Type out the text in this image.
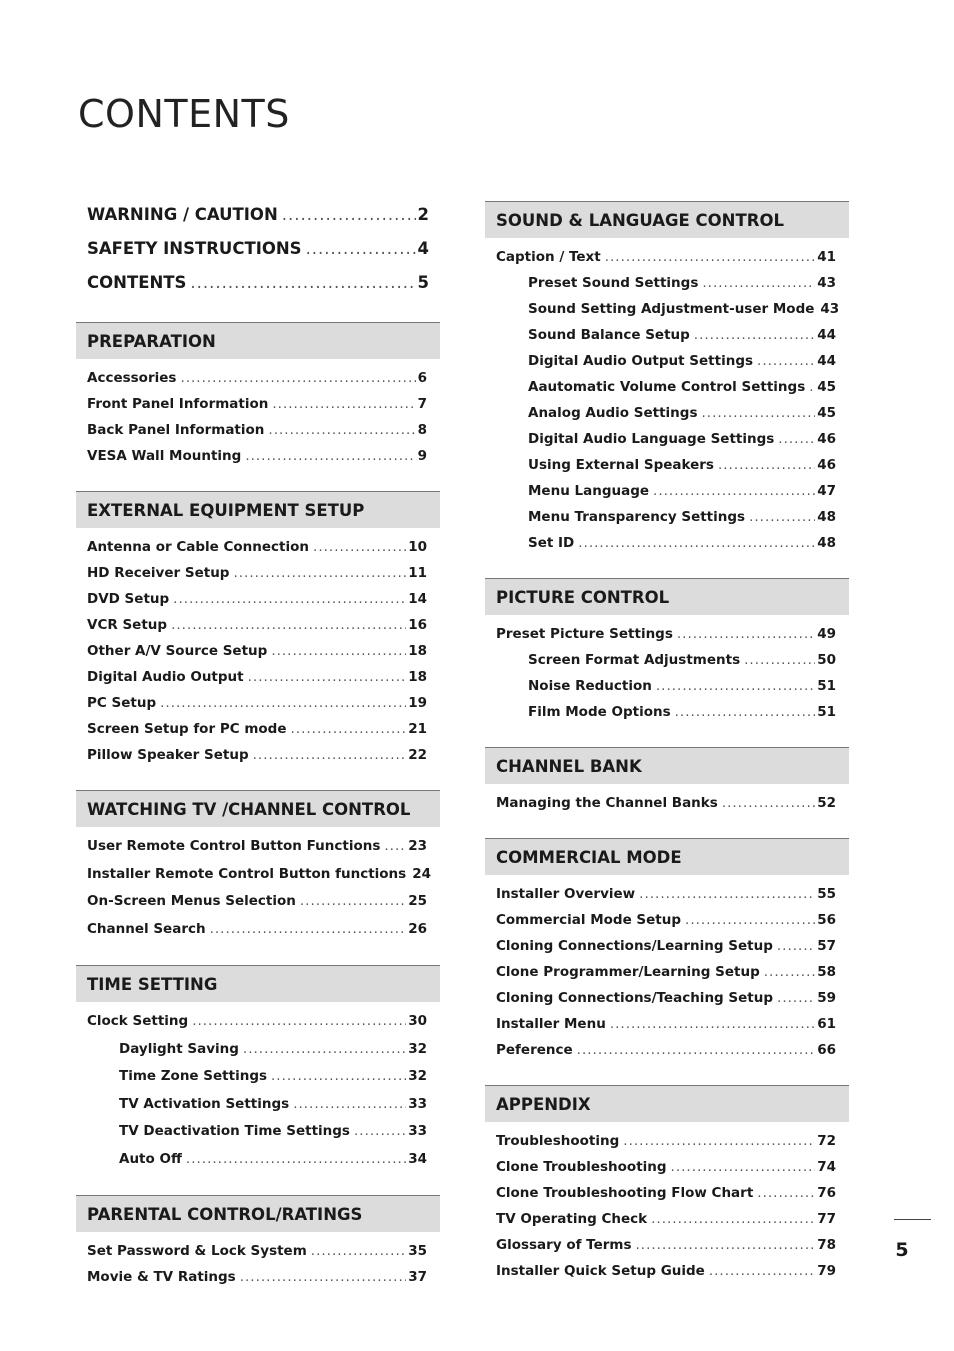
CONTENTS
WARNING / CAUTION .....	2
SAFETY INSTRUCTIONS .....	4
CONTENTS .....	5
PREPARATION
Accessories .....	6
Front Panel Information .....	7
Back Panel Information .....	8
VESA Wall Mounting .....	9
EXTERNAL EQUIPMENT SETUP
Antenna or Cable Connection .....	10
HD Receiver Setup .....	11
DVD Setup .....	14
VCR Setup .....	16
Other A/V Source Setup .....	18
Digital Audio Output .....	18
PC Setup .....	19
Screen Setup for PC mode .....	21
Pillow Speaker Setup .....	22
WATCHING TV /CHANNEL CONTROL
User Remote Control Button Functions ..... 23
Installer Remote Control Button functions 24
On-Screen Menus Selection .....	25
Channel Search .....	26
TIME SETTING
Clock Setting .....	30
Daylight Saving .....	32
Time Zone Settings .....	32
TV Activation Settings .....	33
TV Deactivation Time Settings .....	33
Auto Off .....	34
PARENTAL CONTROL/RATINGS
Set Password & Lock System .....	35
Movie & TV Ratings .....	37
SOUND & LANGUAGE CONTROL
Caption / Text .....	41
Preset Sound Settings .....	43
Sound Setting Adjustment-user Mode 43
Sound Balance Setup .....	44
Digital Audio Output Settings .....	44
Aautomatic Volume Control Settings ..... 45
Analog Audio Settings .....	45
Digital Audio Language Settings .....	46
Using External Speakers .....	46
Menu Language .....	47
Menu Transparency Settings .....	48
Set ID .....	48
PICTURE CONTROL
Preset Picture Settings .....	49
Screen Format Adjustments .....	50
Noise Reduction .....	51
Film Mode Options .....	51
CHANNEL BANK
Managing the Channel Banks .....	52
COMMERCIAL MODE
Installer Overview .....	55
Commercial Mode Setup .....	56
Cloning Connections/Learning Setup .....	57
Clone Programmer/Learning Setup .....	58
Cloning Connections/Teaching Setup .....	59
Installer Menu .....	61
Peference .....	66
APPENDIX
Troubleshooting .....	72
Clone Troubleshooting .....	74
Clone Troubleshooting Flow Chart .....	76
TV Operating Check .....	77
Glossary of Terms .....	78
Installer Quick Setup Guide .....	79
5
